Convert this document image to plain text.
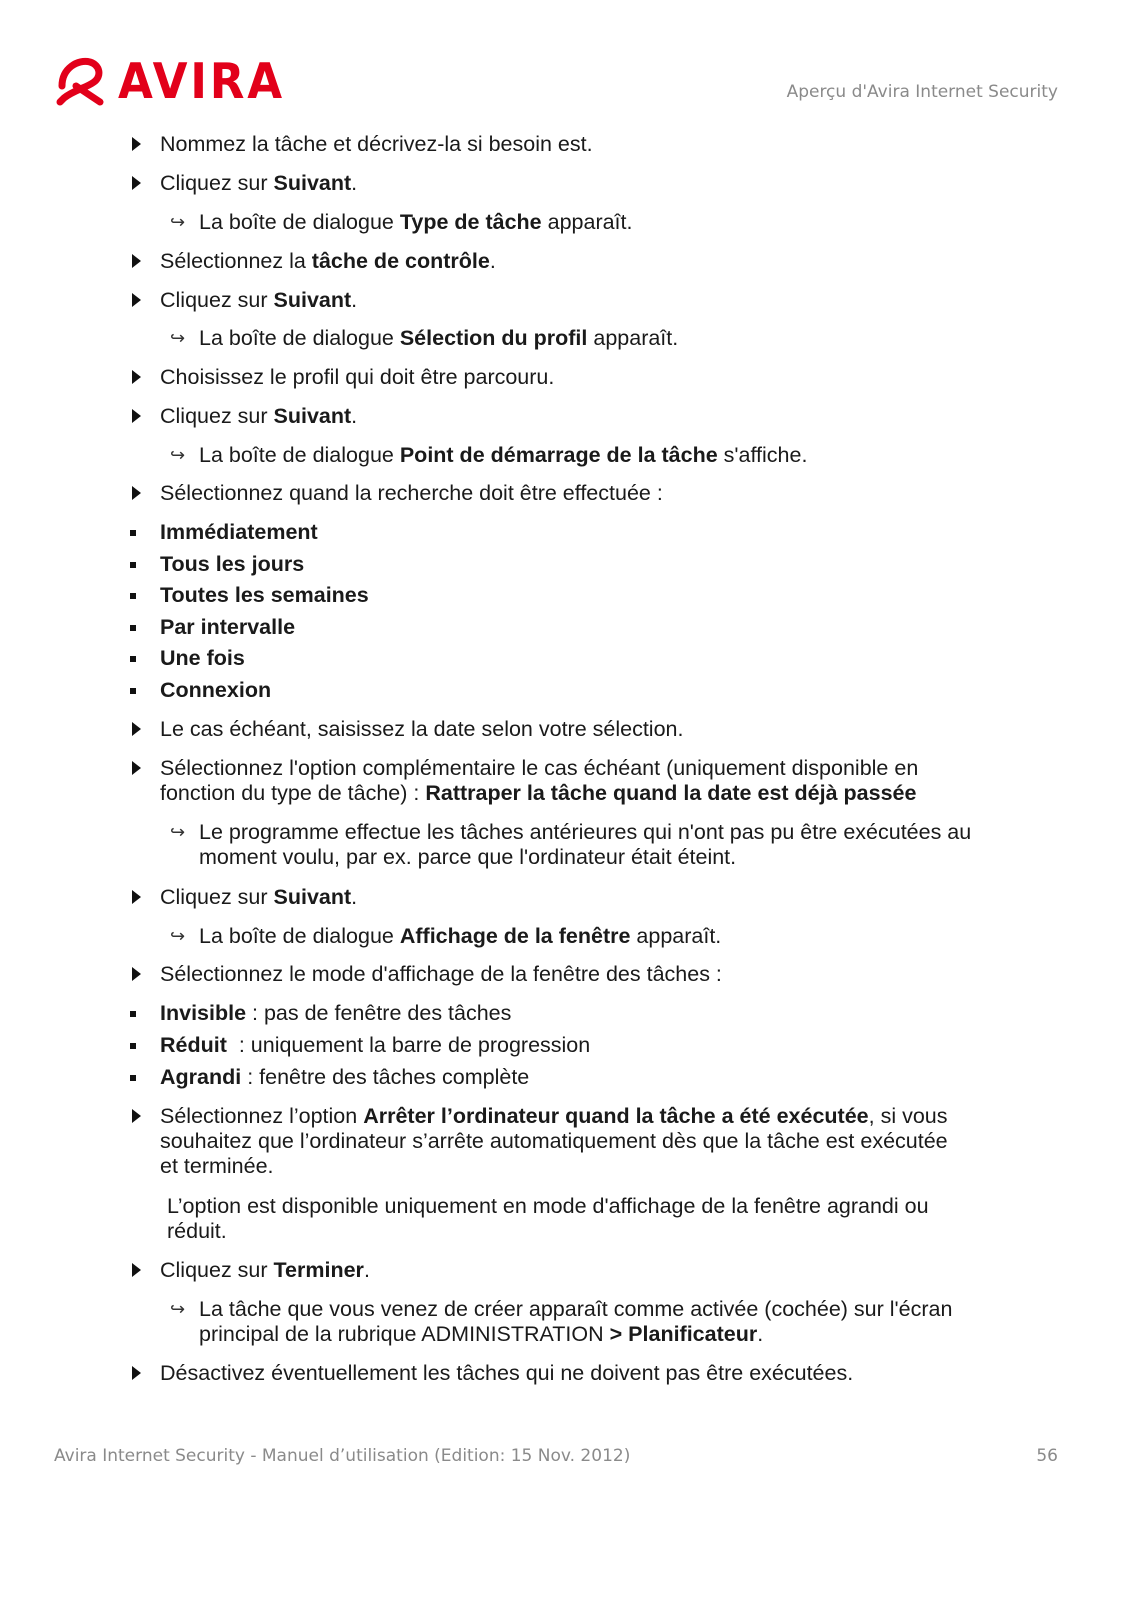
AVIRA	Aperçu d'Avira Internet Security
Nommez la tâche et décrivez-la si besoin est.
Cliquez sur Suivant.
↪ La boîte de dialogue Type de tâche apparaît.
Sélectionnez la tâche de contrôle.
Cliquez sur Suivant.
↪ La boîte de dialogue Sélection du profil apparaît.
Choisissez le profil qui doit être parcouru.
Cliquez sur Suivant.
↪ La boîte de dialogue Point de démarrage de la tâche s'affiche.
Sélectionnez quand la recherche doit être effectuée :
Immédiatement
Tous les jours
Toutes les semaines
Par intervalle
Une fois
Connexion
Le cas échéant, saisissez la date selon votre sélection.
Sélectionnez l'option complémentaire le cas échéant (uniquement disponible en
fonction du type de tâche) : Rattraper la tâche quand la date est déjà passée
↪ Le programme effectue les tâches antérieures qui n'ont pas pu être exécutées au
moment voulu, par ex. parce que l'ordinateur était éteint.
Cliquez sur Suivant.
↪ La boîte de dialogue Affichage de la fenêtre apparaît.
Sélectionnez le mode d'affichage de la fenêtre des tâches :
Invisible : pas de fenêtre des tâches
Réduit  : uniquement la barre de progression
Agrandi : fenêtre des tâches complète
Sélectionnez l’option Arrêter l’ordinateur quand la tâche a été exécutée, si vous
souhaitez que l’ordinateur s’arrête automatiquement dès que la tâche est exécutée
et terminée.
L’option est disponible uniquement en mode d'affichage de la fenêtre agrandi ou
réduit.
Cliquez sur Terminer.
↪ La tâche que vous venez de créer apparaît comme activée (cochée) sur l'écran
principal de la rubrique ADMINISTRATION > Planificateur.
Désactivez éventuellement les tâches qui ne doivent pas être exécutées.
Avira Internet Security - Manuel d’utilisation (Edition: 15 Nov. 2012)	56
